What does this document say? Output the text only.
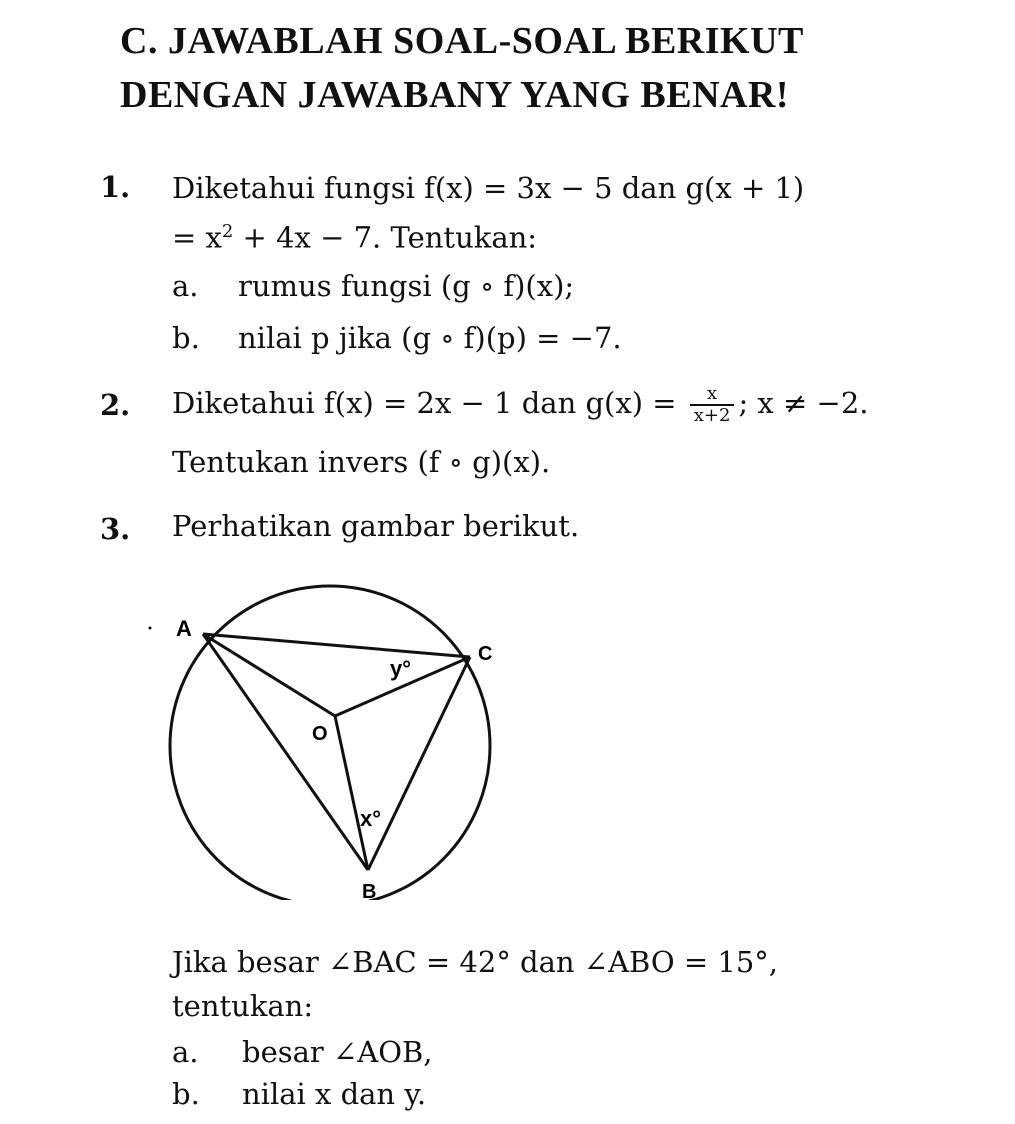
C. JAWABLAH SOAL-SOAL BERIKUT
DENGAN JAWABANY YANG BENAR!
1. Diketahui fungsi f(x) = 3x − 5 dan g(x + 1)
= $x^2 + 4x - 7$. Tentukan:
a. rumus fungsi (g ∘ f)(x);
b. nilai p jika (g ∘ f)(p) = −7.
2. Diketahui f(x) = 2x − 1 dan $g(x) = \frac{x}{x+2}$ ; x ≠ −2.
Tentukan invers (f ∘ g)(x).
3. Perhatikan gambar berikut.
A
C
O
B
y°
x°
Jika besar ∠BAC = 42° dan ∠ABO = 15°,
tentukan:
a. besar ∠AOB,
b. nilai x dan y.
